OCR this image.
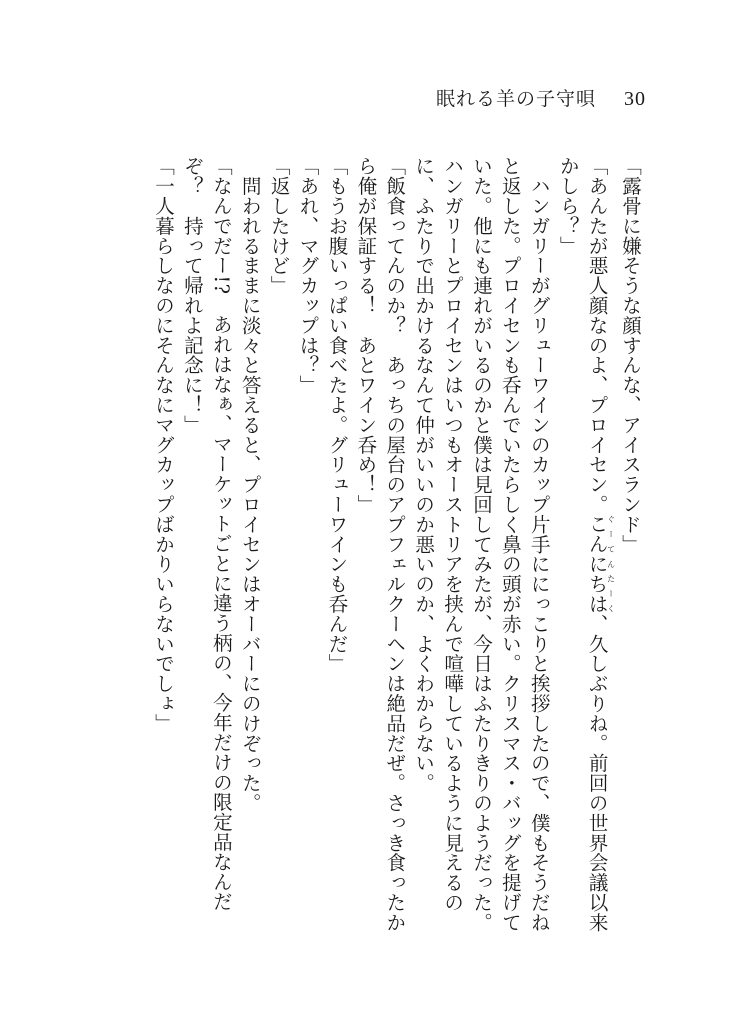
眠れる羊の子守唄 30
「露骨に嫌そうな顔すんな、アイスランド」
「あんたが悪人顔なのよ、プロイセン。こんにちはぐ ー て ん た ー く、久しぶりね。前回の世界会議以来
かしら？」
　ハンガリーがグリューワインのカップ片手ににっこりと挨拶したので、僕もそうだね
と返した。プロイセンも呑んでいたらしく鼻の頭が赤い。クリスマス・バッグを提げて
いた。他にも連れがいるのかと僕は見回してみたが、今日はふたりきりのようだった。
ハンガリーとプロイセンはいつもオーストリアを挟んで喧嘩しているように見えるの
に、ふたりで出かけるなんて仲がいいのか悪いのか、よくわからない。
「飯食ってんのか？　あっちの屋台のアプフェルクーヘンは絶品だぜ。さっき食ったか
ら俺が保証する！　あとワイン呑め！」
「もうお腹いっぱい食べたよ。グリューワインも呑んだ」
「あれ、マグカップは？」
「返したけど」
　問われるままに淡々と答えると、プロイセンはオーバーにのけぞった。
「なんでだー!?　あれはなぁ、マーケットごとに違う柄の、今年だけの限定品なんだ
ぞ？　持って帰れよ記念に！」
「一人暮らしなのにそんなにマグカップばかりいらないでしょ」
